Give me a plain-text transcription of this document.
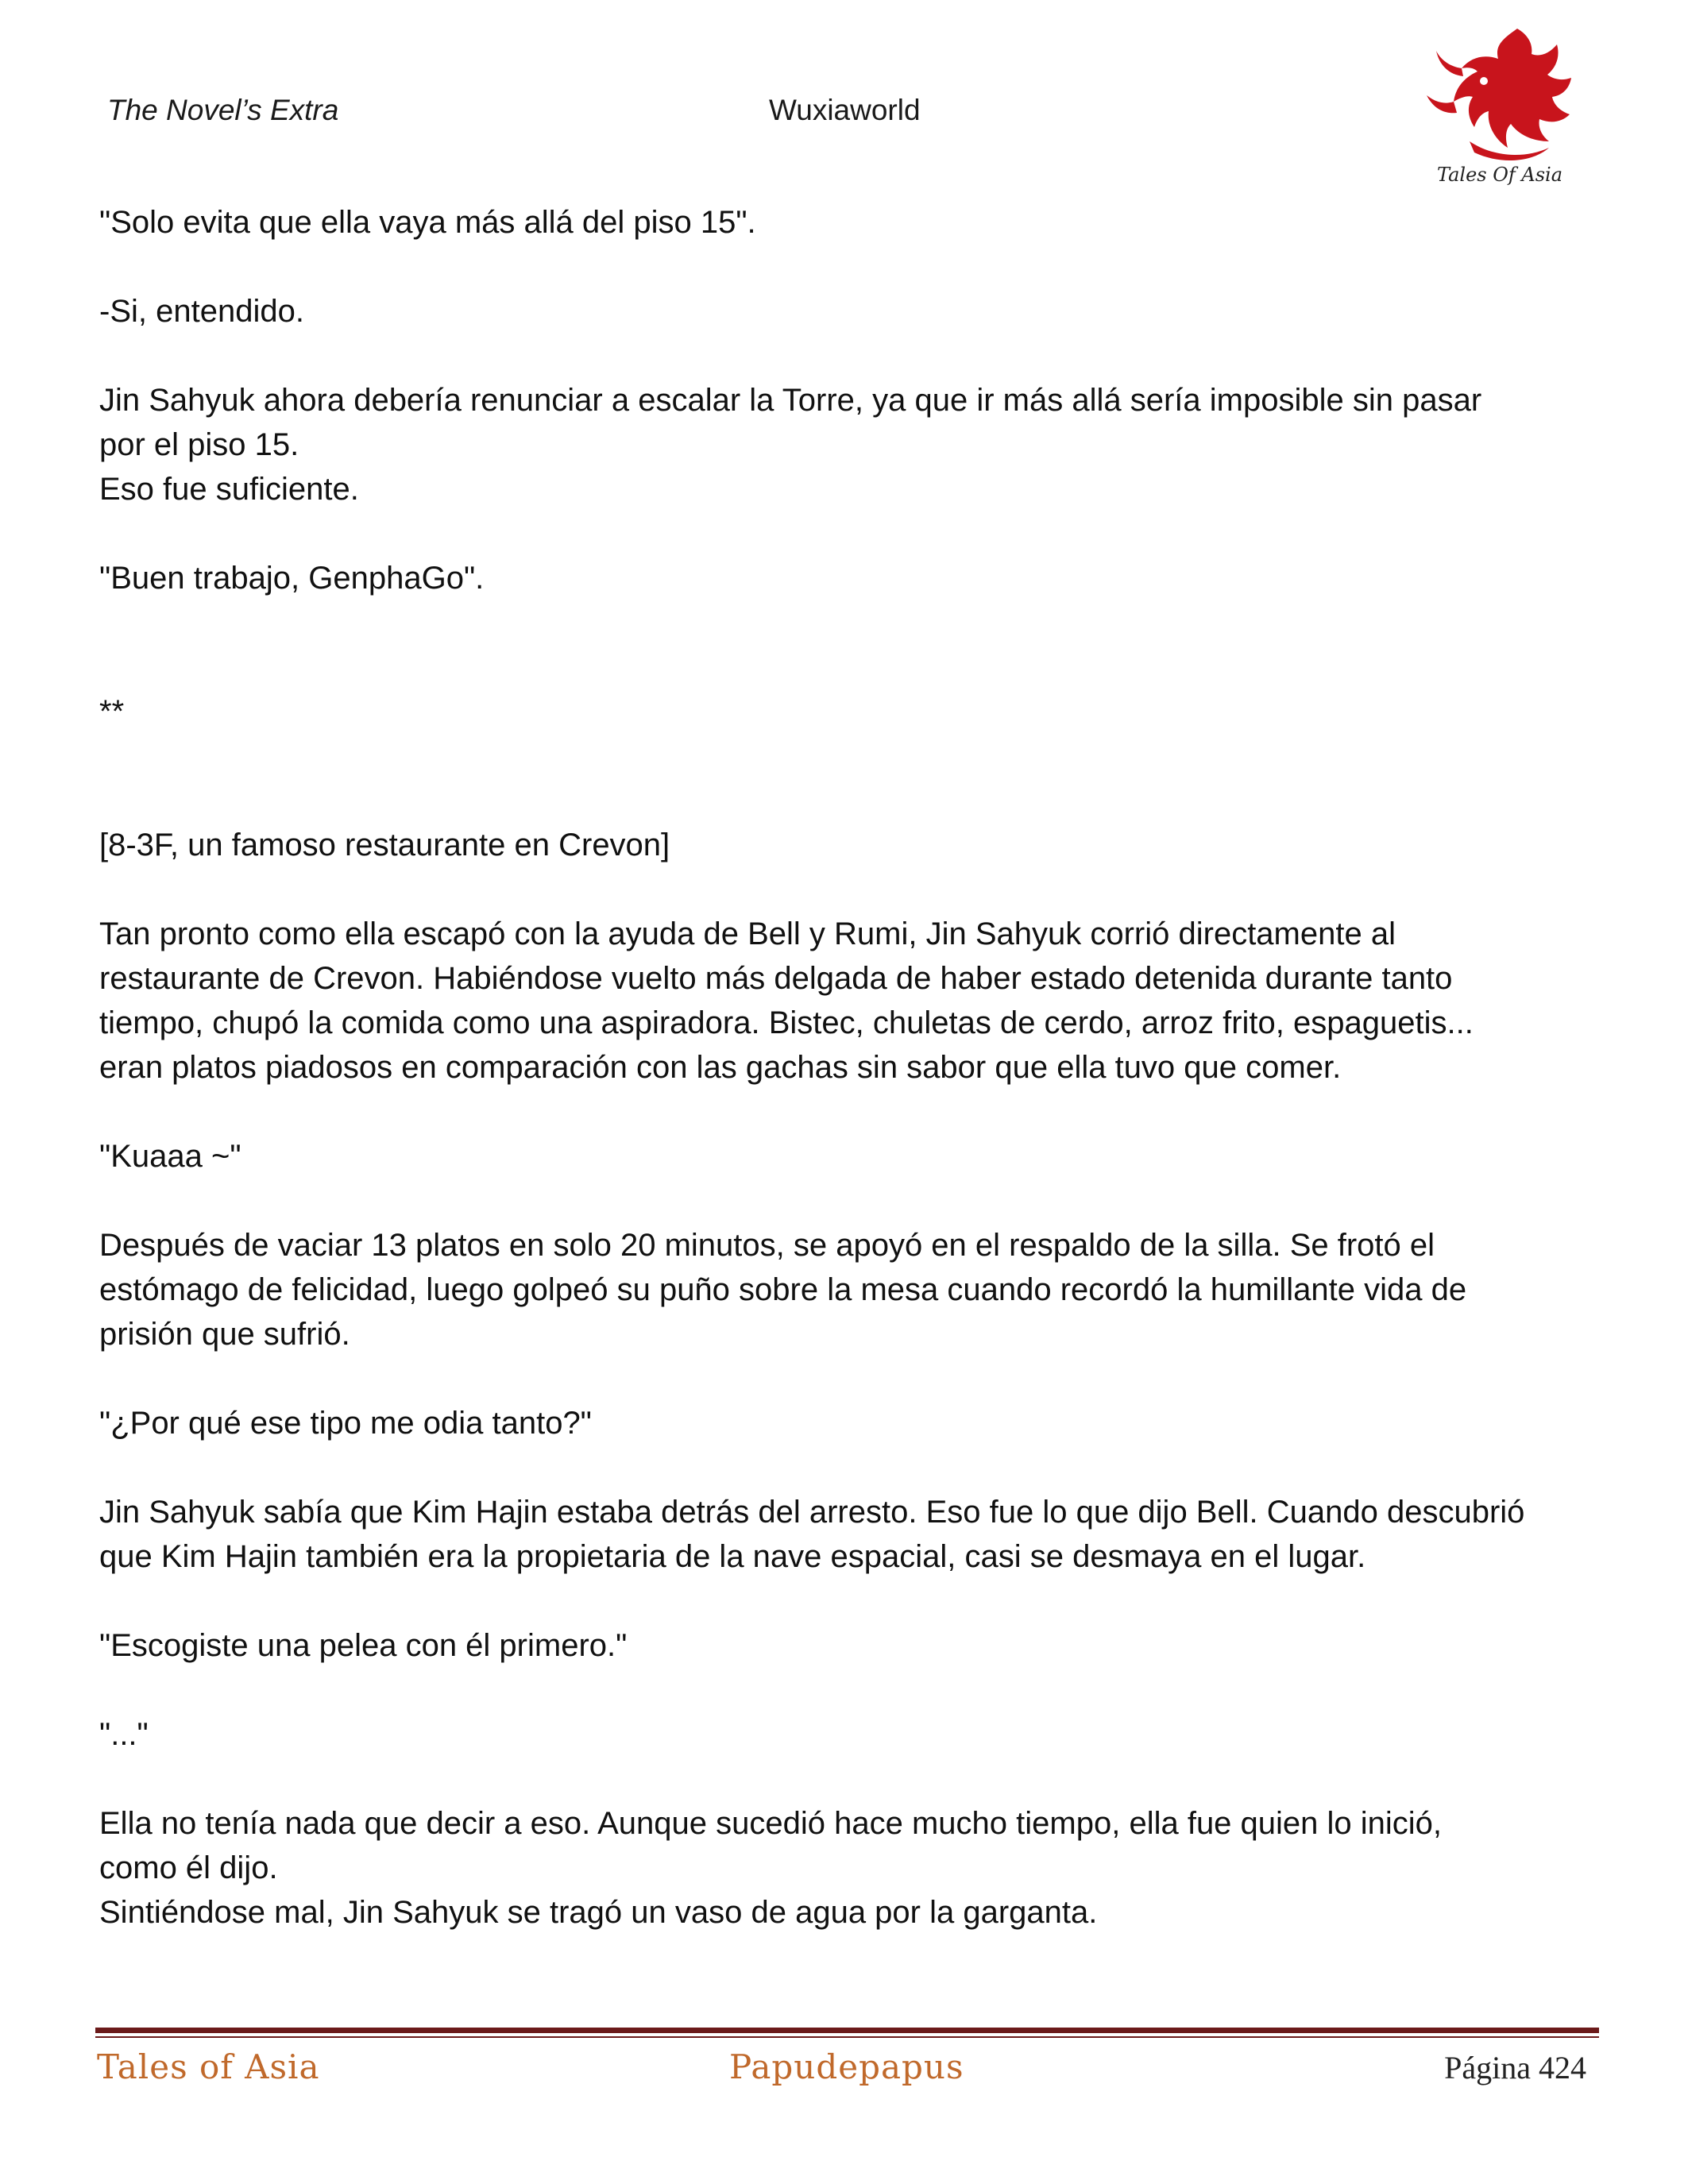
The Novel’s Extra	Wuxiaworld
Tales Of Asia

"Solo evita que ella vaya más allá del piso 15".

-Si, entendido.

Jin Sahyuk ahora debería renunciar a escalar la Torre, ya que ir más allá sería imposible sin pasar
por el piso 15.
Eso fue suficiente.

"Buen trabajo, GenphaGo".

**

[8-3F, un famoso restaurante en Crevon]

Tan pronto como ella escapó con la ayuda de Bell y Rumi, Jin Sahyuk corrió directamente al
restaurante de Crevon. Habiéndose vuelto más delgada de haber estado detenida durante tanto
tiempo, chupó la comida como una aspiradora. Bistec, chuletas de cerdo, arroz frito, espaguetis...
eran platos piadosos en comparación con las gachas sin sabor que ella tuvo que comer.

"Kuaaa ~"

Después de vaciar 13 platos en solo 20 minutos, se apoyó en el respaldo de la silla. Se frotó el
estómago de felicidad, luego golpeó su puño sobre la mesa cuando recordó la humillante vida de
prisión que sufrió.

"¿Por qué ese tipo me odia tanto?"

Jin Sahyuk sabía que Kim Hajin estaba detrás del arresto. Eso fue lo que dijo Bell. Cuando descubrió
que Kim Hajin también era la propietaria de la nave espacial, casi se desmaya en el lugar.

"Escogiste una pelea con él primero."

"..."

Ella no tenía nada que decir a eso. Aunque sucedió hace mucho tiempo, ella fue quien lo inició,
como él dijo.
Sintiéndose mal, Jin Sahyuk se tragó un vaso de agua por la garganta.

Tales of Asia	Papudepapus	Página 424
